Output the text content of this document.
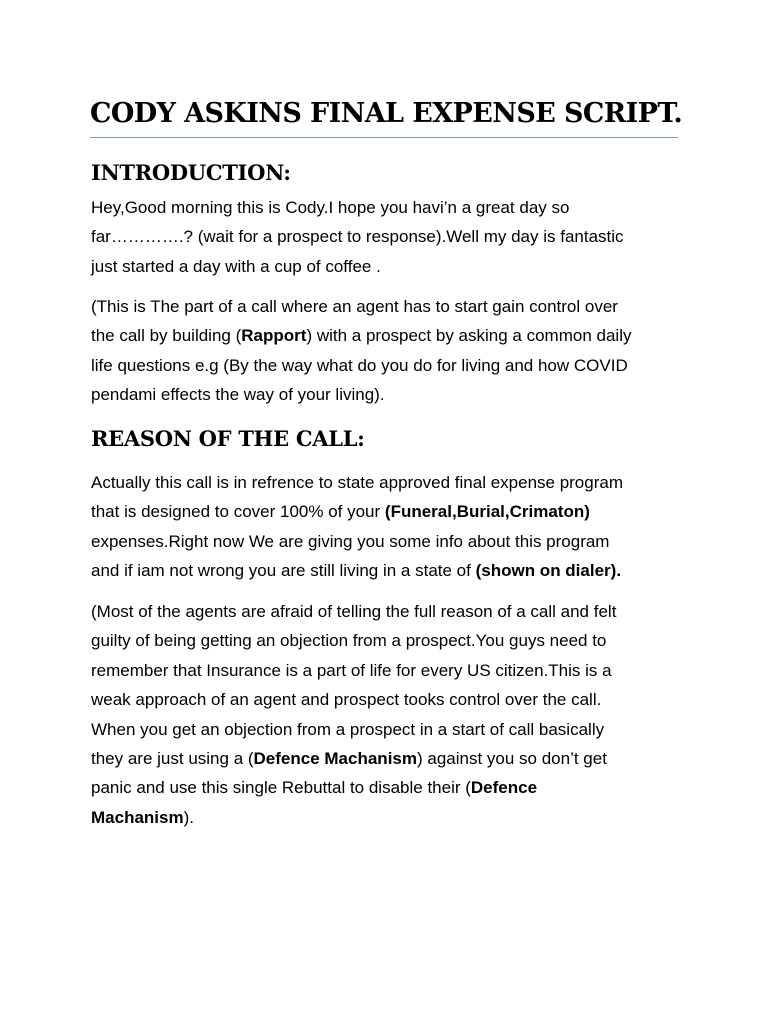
CODY ASKINS FINAL EXPENSE SCRIPT.
INTRODUCTION:

Hey,Good morning this is Cody.I hope you havi’n a great day so
far………….? (wait for a prospect to response).Well my day is fantastic
just started a day with a cup of coffee .

(This is The part of a call where an agent has to start gain control over
the call by building (Rapport) with a prospect by asking a common daily
life questions e.g (By the way what do you do for living and how COVID
pendami effects the way of your living).

REASON OF THE CALL:

Actually this call is in refrence to state approved final expense program
that is designed to cover 100% of your (Funeral,Burial,Crimaton)
expenses.Right now We are giving you some info about this program
and if iam not wrong you are still living in a state of (shown on dialer).

(Most of the agents are afraid of telling the full reason of a call and felt
guilty of being getting an objection from a prospect.You guys need to
remember that Insurance is a part of life for every US citizen.This is a
weak approach of an agent and prospect tooks control over the call.
When you get an objection from a prospect in a start of call basically
they are just using a (Defence Machanism) against you so don’t get
panic and use this single Rebuttal to disable their (Defence
Machanism).
